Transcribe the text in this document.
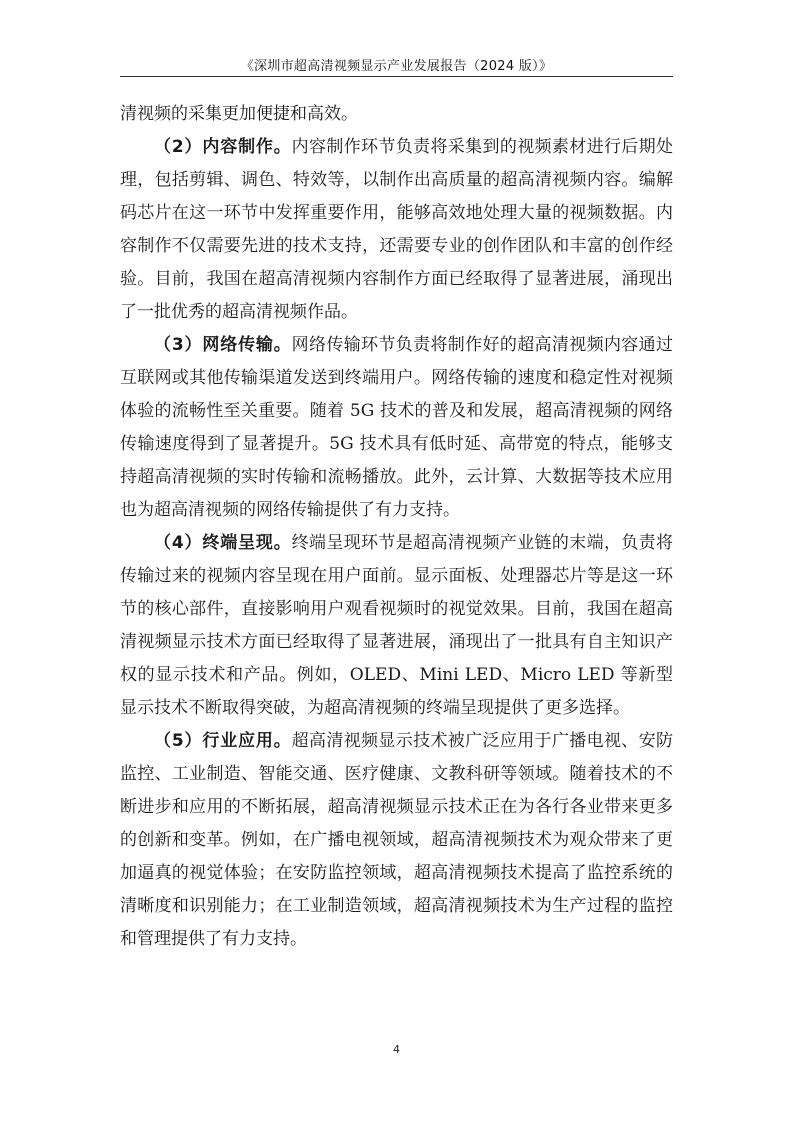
《深圳市超高清视频显示产业发展报告（2024 版）》

清视频的采集更加便捷和高效。

（2）内容制作。内容制作环节负责将采集到的视频素材进行后期处理，包括剪辑、调色、特效等，以制作出高质量的超高清视频内容。编解码芯片在这一环节中发挥重要作用，能够高效地处理大量的视频数据。内容制作不仅需要先进的技术支持，还需要专业的创作团队和丰富的创作经验。目前，我国在超高清视频内容制作方面已经取得了显著进展，涌现出了一批优秀的超高清视频作品。

（3）网络传输。网络传输环节负责将制作好的超高清视频内容通过互联网或其他传输渠道发送到终端用户。网络传输的速度和稳定性对视频体验的流畅性至关重要。随着 5G 技术的普及和发展，超高清视频的网络传输速度得到了显著提升。5G 技术具有低时延、高带宽的特点，能够支持超高清视频的实时传输和流畅播放。此外，云计算、大数据等技术应用也为超高清视频的网络传输提供了有力支持。

（4）终端呈现。终端呈现环节是超高清视频产业链的末端，负责将传输过来的视频内容呈现在用户面前。显示面板、处理器芯片等是这一环节的核心部件，直接影响用户观看视频时的视觉效果。目前，我国在超高清视频显示技术方面已经取得了显著进展，涌现出了一批具有自主知识产权的显示技术和产品。例如，OLED、Mini LED、Micro LED 等新型显示技术不断取得突破，为超高清视频的终端呈现提供了更多选择。

（5）行业应用。超高清视频显示技术被广泛应用于广播电视、安防监控、工业制造、智能交通、医疗健康、文教科研等领域。随着技术的不断进步和应用的不断拓展，超高清视频显示技术正在为各行各业带来更多的创新和变革。例如，在广播电视领域，超高清视频技术为观众带来了更加逼真的视觉体验；在安防监控领域，超高清视频技术提高了监控系统的清晰度和识别能力；在工业制造领域，超高清视频技术为生产过程的监控和管理提供了有力支持。

4
